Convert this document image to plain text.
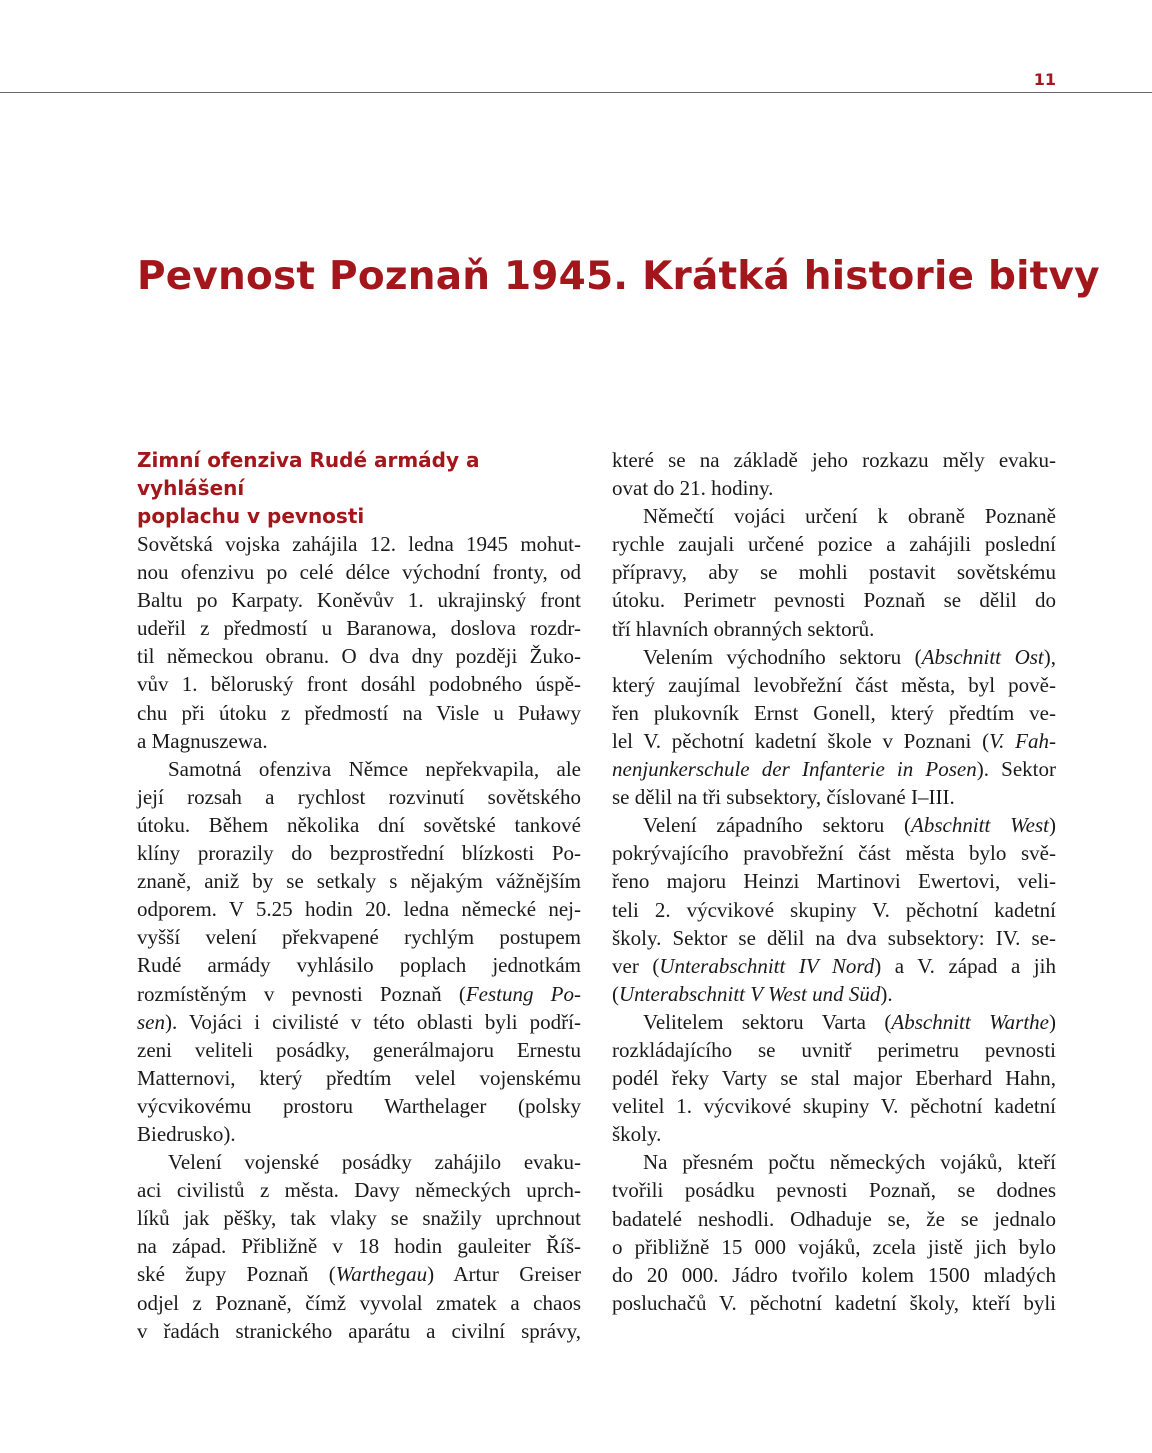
11
Pevnost Poznaň 1945. Krátká historie bitvy
Zimní ofenziva Rudé armády a vyhlášení
poplachu v pevnosti
Sovětská vojska zahájila 12. ledna 1945 mohut-
nou ofenzivu po celé délce východní fronty, od
Baltu po Karpaty. Koněvův 1. ukrajinský front
udeřil z předmostí u Baranowa, doslova rozdr-
til německou obranu. O dva dny později Žuko-
vův 1. běloruský front dosáhl podobného úspě-
chu při útoku z předmostí na Visle u Puławy
a Magnuszewa.
Samotná ofenziva Němce nepřekvapila, ale
její rozsah a rychlost rozvinutí sovětského
útoku. Během několika dní sovětské tankové
klíny prorazily do bezprostřední blízkosti Po-
znaně, aniž by se setkaly s nějakým vážnějším
odporem. V 5.25 hodin 20. ledna německé nej-
vyšší velení překvapené rychlým postupem
Rudé armády vyhlásilo poplach jednotkám
rozmístěným v pevnosti Poznaň (Festung Po-
sen). Vojáci i civilisté v této oblasti byli podří-
zeni veliteli posádky, generálmajoru Ernestu
Matternovi, který předtím velel vojenskému
výcvikovému prostoru Warthelager (polsky
Biedrusko).
Velení vojenské posádky zahájilo evaku-
aci civilistů z města. Davy německých uprch-
líků jak pěšky, tak vlaky se snažily uprchnout
na západ. Přibližně v 18 hodin gauleiter Říš-
ské župy Poznaň (Warthegau) Artur Greiser
odjel z Poznaně, čímž vyvolal zmatek a chaos
v řadách stranického aparátu a civilní správy,
které se na základě jeho rozkazu měly evaku-
ovat do 21. hodiny.
Němečtí vojáci určení k obraně Poznaně
rychle zaujali určené pozice a zahájili poslední
přípravy, aby se mohli postavit sovětskému
útoku. Perimetr pevnosti Poznaň se dělil do
tří hlavních obranných sektorů.
Velením východního sektoru (Abschnitt Ost),
který zaujímal levobřežní část města, byl pově-
řen plukovník Ernst Gonell, který předtím ve-
lel V. pěchotní kadetní škole v Poznani (V. Fah-
nenjunkerschule der Infanterie in Posen). Sektor
se dělil na tři subsektory, číslované I–III.
Velení západního sektoru (Abschnitt West)
pokrývajícího pravobřežní část města bylo svě-
řeno majoru Heinzi Martinovi Ewertovi, veli-
teli 2. výcvikové skupiny V. pěchotní kadetní
školy. Sektor se dělil na dva subsektory: IV. se-
ver (Unterabschnitt IV Nord) a V. západ a jih
(Unterabschnitt V West und Süd).
Velitelem sektoru Varta (Abschnitt Warthe)
rozkládajícího se uvnitř perimetru pevnosti
podél řeky Varty se stal major Eberhard Hahn,
velitel 1. výcvikové skupiny V. pěchotní kadetní
školy.
Na přesném počtu německých vojáků, kteří
tvořili posádku pevnosti Poznaň, se dodnes
badatelé neshodli. Odhaduje se, že se jednalo
o přibližně 15 000 vojáků, zcela jistě jich bylo
do 20 000. Jádro tvořilo kolem 1500 mladých
posluchačů V. pěchotní kadetní školy, kteří byli
